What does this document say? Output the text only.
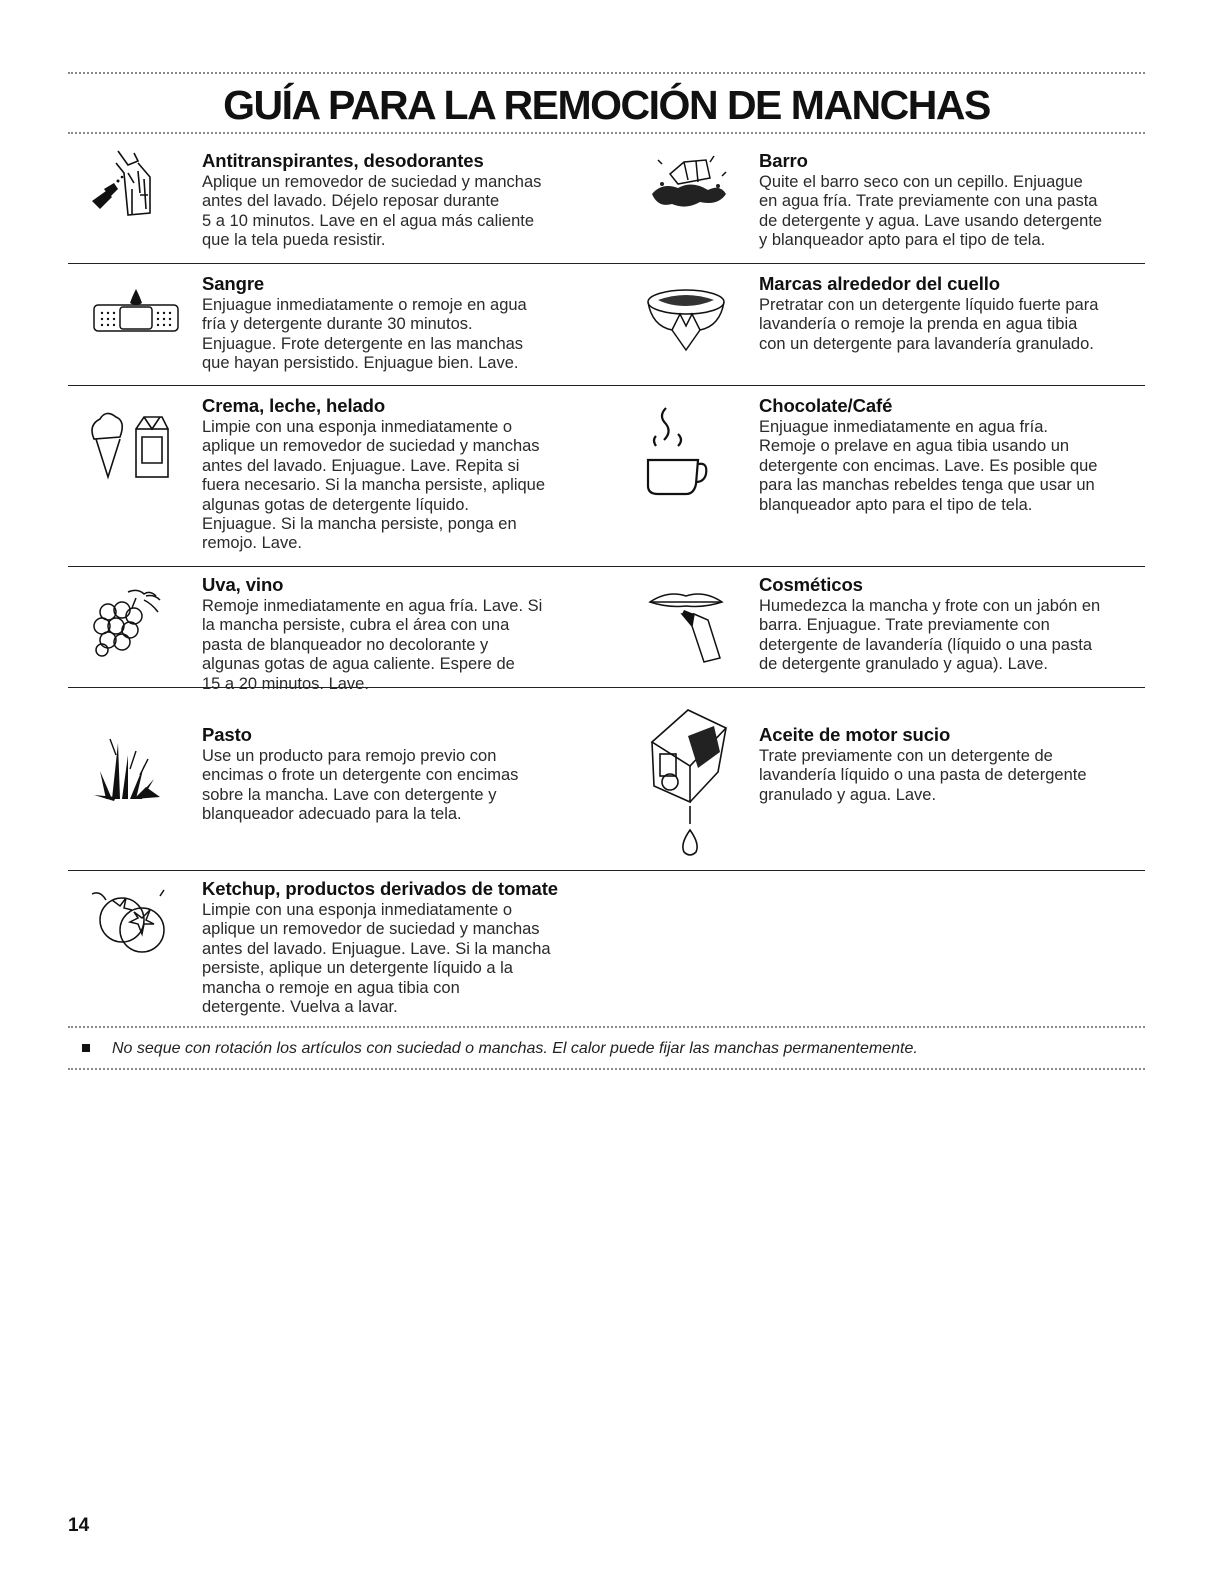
GUÍA PARA LA REMOCIÓN DE MANCHAS
Antitranspirantes, desodorantes

Aplique un removedor de suciedad y manchas
antes del lavado. Déjelo reposar durante
5 a 10 minutos. Lave en el agua más caliente
que la tela pueda resistir.

Barro

Quite el barro seco con un cepillo. Enjuague
en agua fría. Trate previamente con una pasta
de detergente y agua. Lave usando detergente
y blanqueador apto para el tipo de tela.

Sangre

Enjuague inmediatamente o remoje en agua
fría y detergente durante 30 minutos.
Enjuague. Frote detergente en las manchas
que hayan persistido. Enjuague bien. Lave.

Marcas alrededor del cuello

Pretratar con un detergente líquido fuerte para
lavandería o remoje la prenda en agua tibia
con un detergente para lavandería granulado.

Crema, leche, helado

Limpie con una esponja inmediatamente o
aplique un removedor de suciedad y manchas
antes del lavado. Enjuague. Lave. Repita si
fuera necesario. Si la mancha persiste, aplique
algunas gotas de detergente líquido.
Enjuague. Si la mancha persiste, ponga en
remojo. Lave.

Chocolate/Café

Enjuague inmediatamente en agua fría.
Remoje o prelave en agua tibia usando un
detergente con encimas. Lave. Es posible que
para las manchas rebeldes tenga que usar un
blanqueador apto para el tipo de tela.

Uva, vino

Remoje inmediatamente en agua fría. Lave. Si
la mancha persiste, cubra el área con una
pasta de blanqueador no decolorante y
algunas gotas de agua caliente. Espere de
15 a 20 minutos. Lave.

Cosméticos

Humedezca la mancha y frote con un jabón en
barra. Enjuague. Trate previamente con
detergente de lavandería (líquido o una pasta
de detergente granulado y agua). Lave.

Pasto

Use un producto para remojo previo con
encimas o frote un detergente con encimas
sobre la mancha. Lave con detergente y
blanqueador adecuado para la tela.

Aceite de motor sucio

Trate previamente con un detergente de
lavandería líquido o una pasta de detergente
granulado y agua. Lave.

Ketchup, productos derivados de tomate

Limpie con una esponja inmediatamente o
aplique un removedor de suciedad y manchas
antes del lavado. Enjuague. Lave. Si la mancha
persiste, aplique un detergente líquido a la
mancha o remoje en agua tibia con
detergente. Vuelva a lavar.

No seque con rotación los artículos con suciedad o manchas. El calor puede fijar las manchas permanentemente.
14
